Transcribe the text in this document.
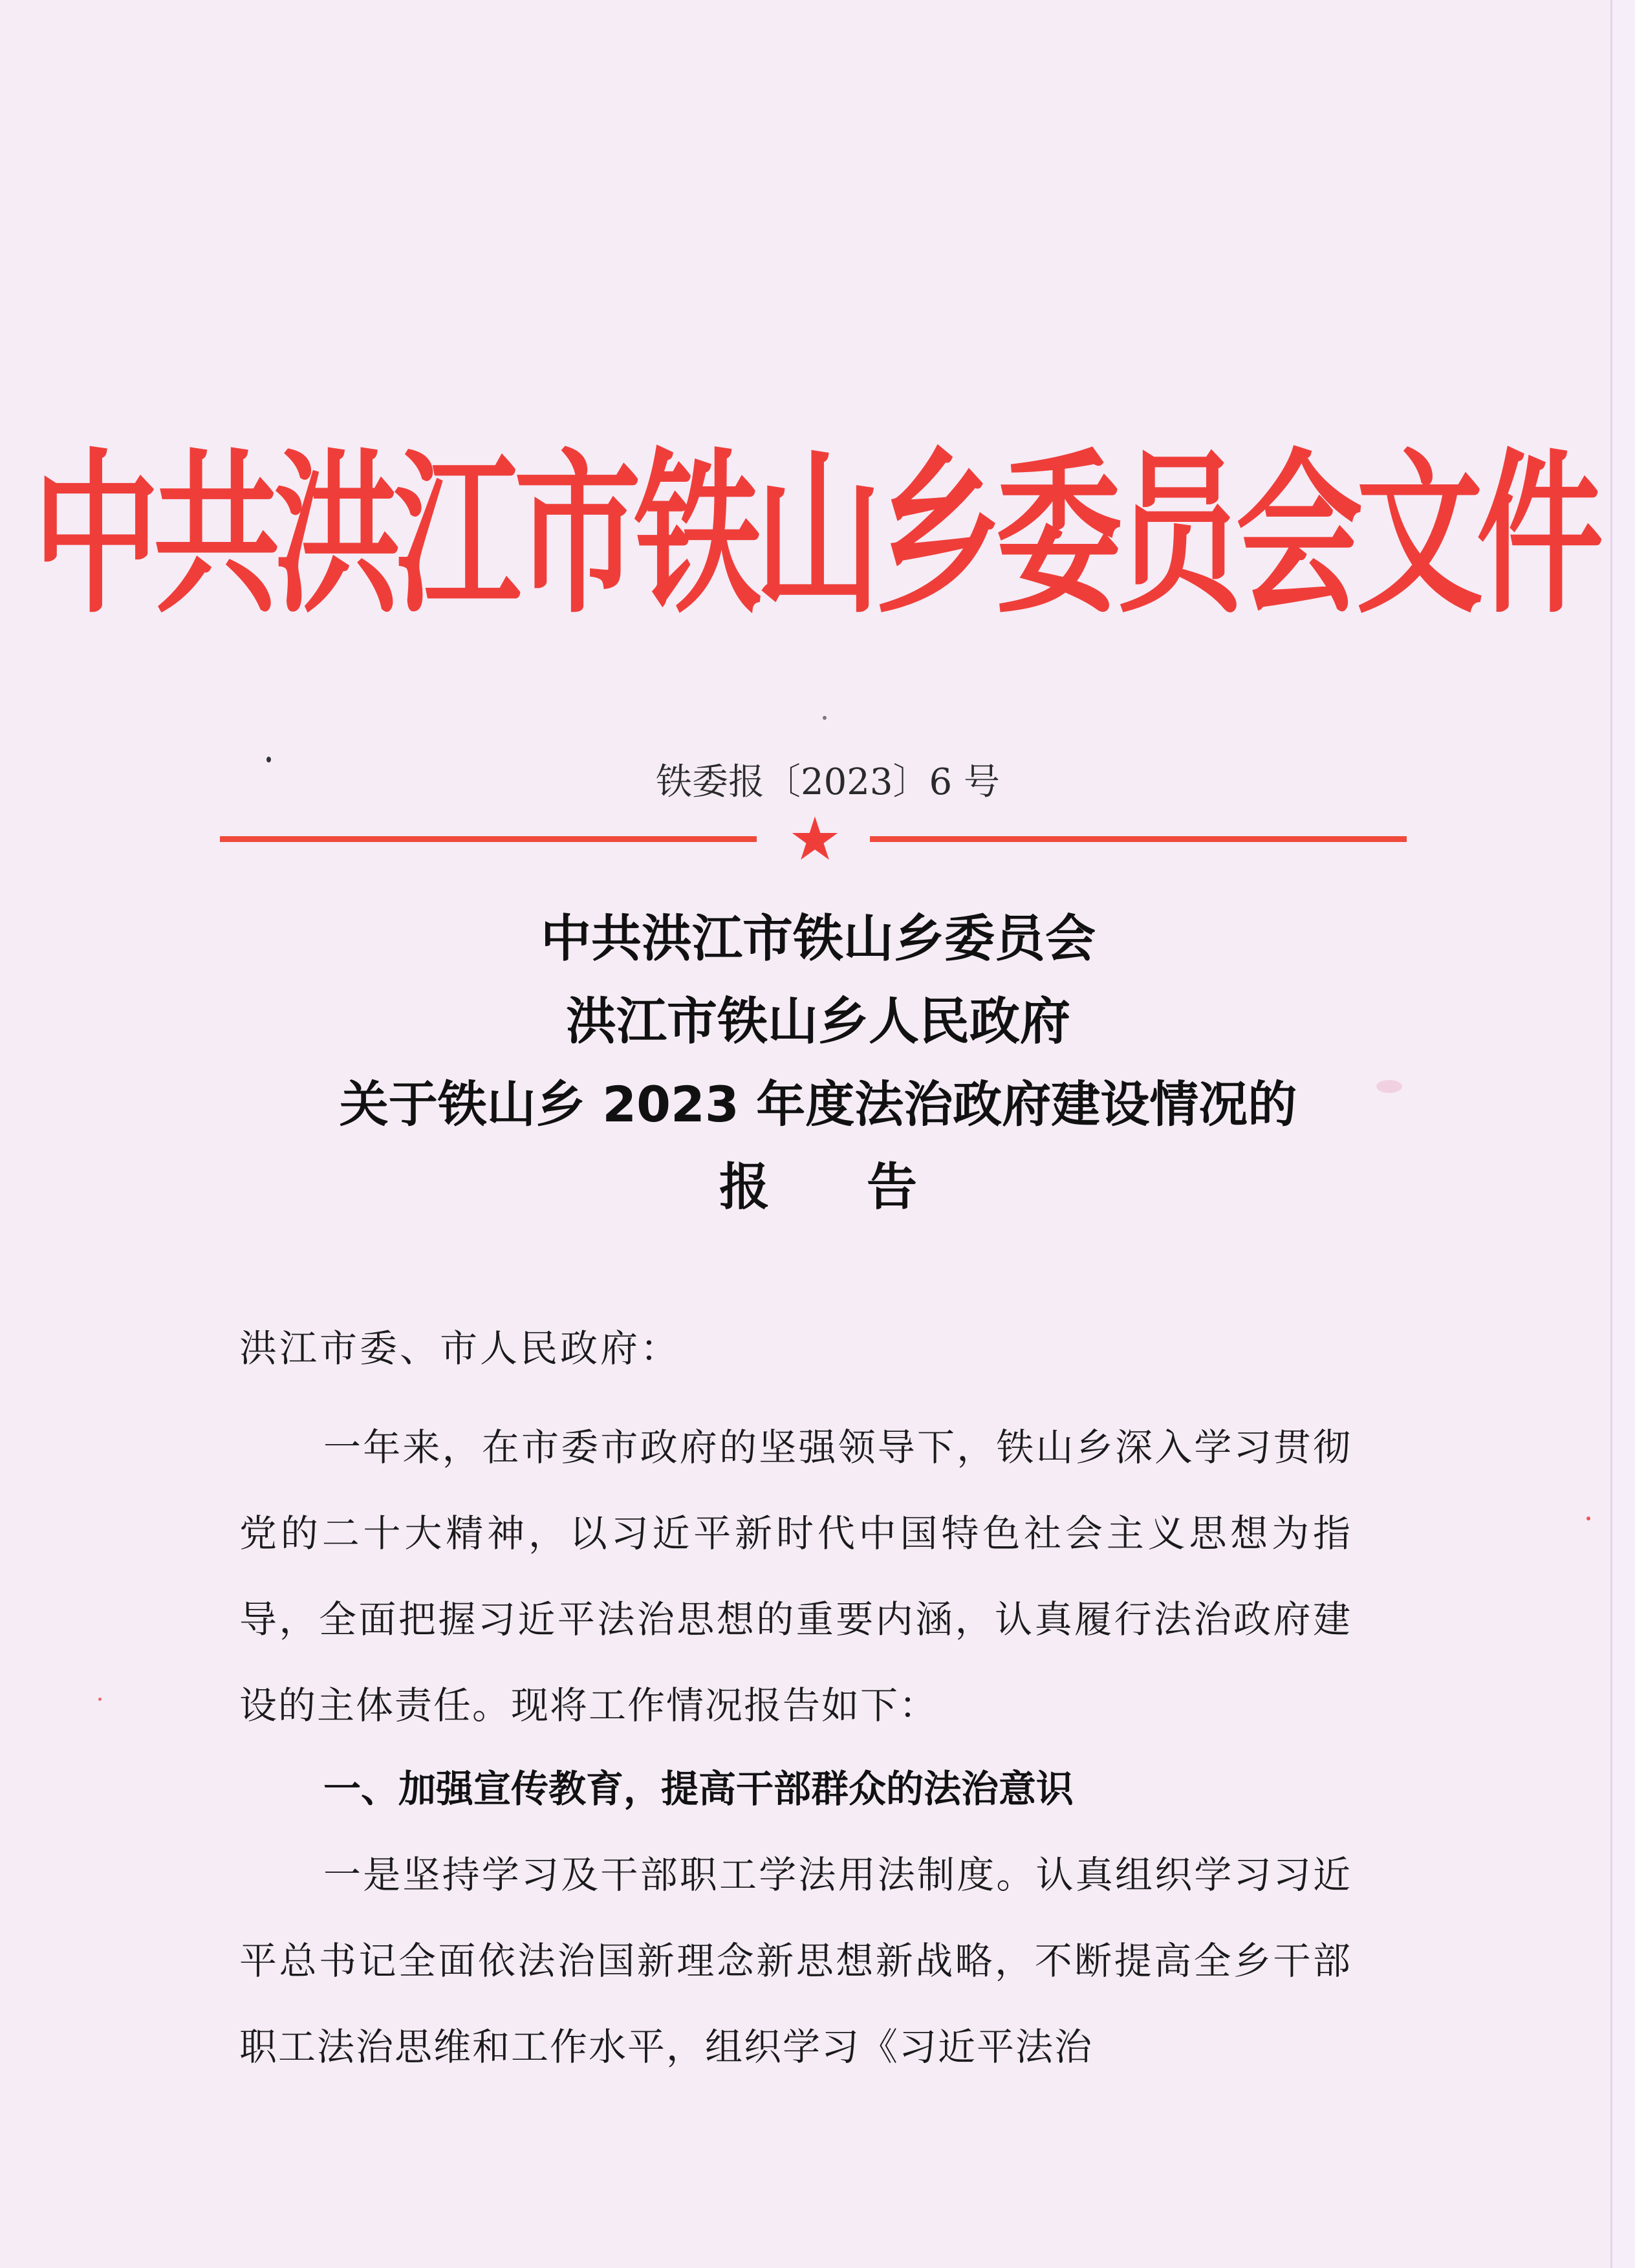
中共洪江市铁山乡委员会文件
铁委报〔2023〕6 号
★
中共洪江市铁山乡委员会
洪江市铁山乡人民政府
关于铁山乡 2023 年度法治政府建设情况的
报告
洪江市委、市人民政府：
一年来，在市委市政府的坚强领导下，铁山乡深入学习贯彻党的二十大精神，以习近平新时代中国特色社会主义思想为指导，全面把握习近平法治思想的重要内涵，认真履行法治政府建设的主体责任。现将工作情况报告如下：
一、加强宣传教育，提高干部群众的法治意识
一是坚持学习及干部职工学法用法制度。认真组织学习习近平总书记全面依法治国新理念新思想新战略，不断提高全乡干部职工法治思维和工作水平，组织学习《习近平法治
